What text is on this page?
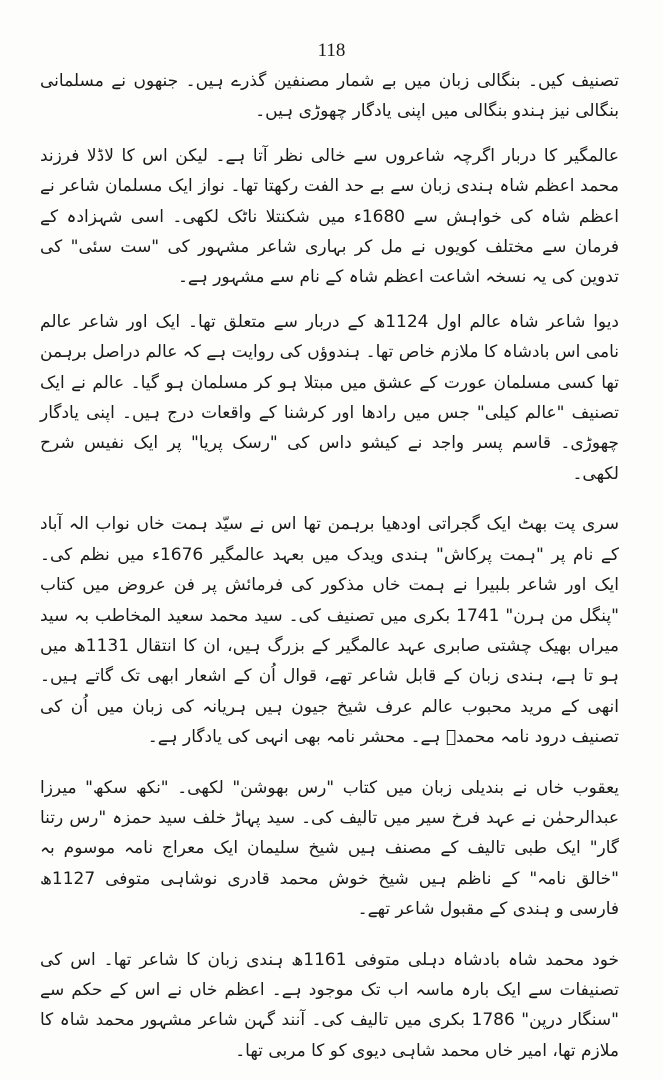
118

تصنیف کیں۔ بنگالی زبان میں بے شمار مصنفین گذرے ہیں۔ جنھوں نے مسلمانی بنگالی نیز ہندو بنگالی میں اپنی یادگار چھوڑی ہیں۔

عالمگیر کا دربار اگرچہ شاعروں سے خالی نظر آتا ہے۔ لیکن اس کا لاڈلا فرزند محمد اعظم شاہ ہندی زبان سے بے حد الفت رکھتا تھا۔ نواز ایک مسلمان شاعر نے اعظم شاہ کی خواہش سے 1680ء میں شکنتلا ناٹک لکھی۔ اسی شہزادہ کے فرمان سے مختلف کویوں نے مل کر بہاری شاعر مشہور کی "ست سئی" کی تدوین کی یہ نسخہ اشاعت اعظم شاہ کے نام سے مشہور ہے۔

دیوا شاعر شاہ عالم اول 1124ھ کے دربار سے متعلق تھا۔ ایک اور شاعر عالم نامی اس بادشاہ کا ملازم خاص تھا۔ ہندوؤں کی روایت ہے کہ عالم دراصل برہمن تھا کسی مسلمان عورت کے عشق میں مبتلا ہو کر مسلمان ہو گیا۔ عالم نے ایک تصنیف "عالم کیلی" جس میں رادھا اور کرشنا کے واقعات درج ہیں۔ اپنی یادگار چھوڑی۔ قاسم پسر واجد نے کیشو داس کی "رسک پریا" پر ایک نفیس شرح لکھی۔

سری پت بھٹ ایک گجراتی اودھیا برہمن تھا اس نے سیّد ہمت خاں نواب الہ آباد کے نام پر "ہمت پرکاش" ہندی ویدک میں بعہد عالمگیر 1676ء میں نظم کی۔ ایک اور شاعر بلبیرا نے ہمت خاں مذکور کی فرمائش پر فن عروض میں کتاب "پنگل من ہرن" 1741 بکری میں تصنیف کی۔ سید محمد سعید المخاطب بہ سید میراں بھیک چشتی صابری عہد عالمگیر کے بزرگ ہیں، ان کا انتقال 1131ھ میں ہو تا ہے، ہندی زبان کے قابل شاعر تھے، قوال اُن کے اشعار ابھی تک گاتے ہیں۔ انھی کے مرید محبوب عالم عرف شیخ جیون ہیں ہریانہ کی زبان میں اُن کی تصنیف درود نامہ محمدؐ ہے۔ محشر نامہ بھی انہی کی یادگار ہے۔

یعقوب خاں نے بندیلی زبان میں کتاب "رس بھوشن" لکھی۔ "نکھ سکھ" میرزا عبدالرحمٰن نے عہد فرخ سیر میں تالیف کی۔ سید پہاڑ خلف سید حمزہ "رس رتنا گار" ایک طبی تالیف کے مصنف ہیں شیخ سلیمان ایک معراج نامہ موسوم بہ "خالق نامہ" کے ناظم ہیں شیخ خوش محمد قادری نوشاہی متوفی 1127ھ فارسی و ہندی کے مقبول شاعر تھے۔

خود محمد شاہ بادشاہ دہلی متوفی 1161ھ ہندی زبان کا شاعر تھا۔ اس کی تصنیفات سے ایک بارہ ماسہ اب تک موجود ہے۔ اعظم خاں نے اس کے حکم سے "سنگار درپن" 1786 بکری میں تالیف کی۔ آنند گہن شاعر مشہور محمد شاہ کا ملازم تھا، امیر خاں محمد شاہی دیوی کو کا مربی تھا۔
